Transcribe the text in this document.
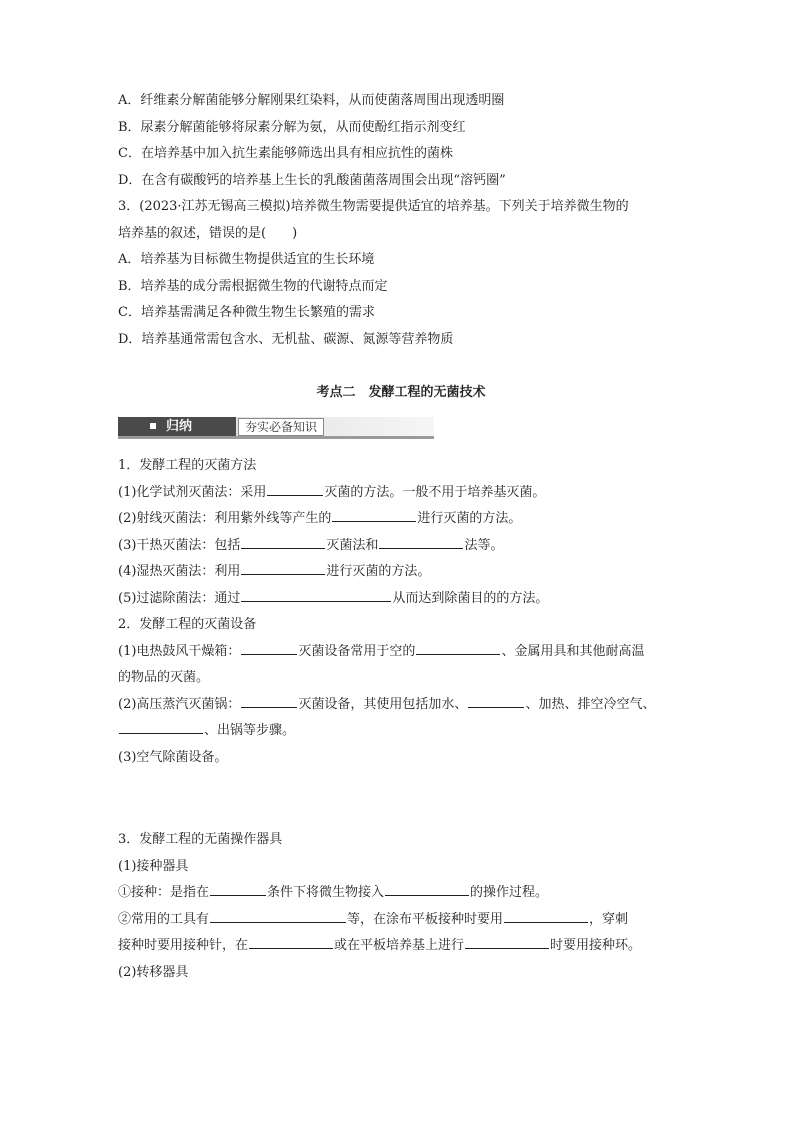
A．纤维素分解菌能够分解刚果红染料，从而使菌落周围出现透明圈
B．尿素分解菌能够将尿素分解为氨，从而使酚红指示剂变红
C．在培养基中加入抗生素能够筛选出具有相应抗性的菌株
D．在含有碳酸钙的培养基上生长的乳酸菌菌落周围会出现“溶钙圈”
3．(2023·江苏无锡高三模拟)培养微生物需要提供适宜的培养基。下列关于培养微生物的
培养基的叙述，错误的是(　　)
A．培养基为目标微生物提供适宜的生长环境
B．培养基的成分需根据微生物的代谢特点而定
C．培养基需满足各种微生物生长繁殖的需求
D．培养基通常需包含水、无机盐、碳源、氮源等营养物质
考点二　发酵工程的无菌技术
归纳	夯实必备知识
1．发酵工程的灭菌方法
(1)化学试剂灭菌法：采用	灭菌的方法。一般不用于培养基灭菌。
(2)射线灭菌法：利用紫外线等产生的	进行灭菌的方法。
(3)干热灭菌法：包括	灭菌法和	法等。
(4)湿热灭菌法：利用	进行灭菌的方法。
(5)过滤除菌法：通过	从而达到除菌目的的方法。
2．发酵工程的灭菌设备
(1)电热鼓风干燥箱：	灭菌设备常用于空的	、金属用具和其他耐高温
的物品的灭菌。
(2)高压蒸汽灭菌锅：	灭菌设备，其使用包括加水、	、加热、排空冷空气、
、出锅等步骤。
(3)空气除菌设备。
3．发酵工程的无菌操作器具
(1)接种器具
①接种：是指在	条件下将微生物接入	的操作过程。
②常用的工具有	等，在涂布平板接种时要用	，穿刺
接种时要用接种针，在	或在平板培养基上进行	时要用接种环。
(2)转移器具
